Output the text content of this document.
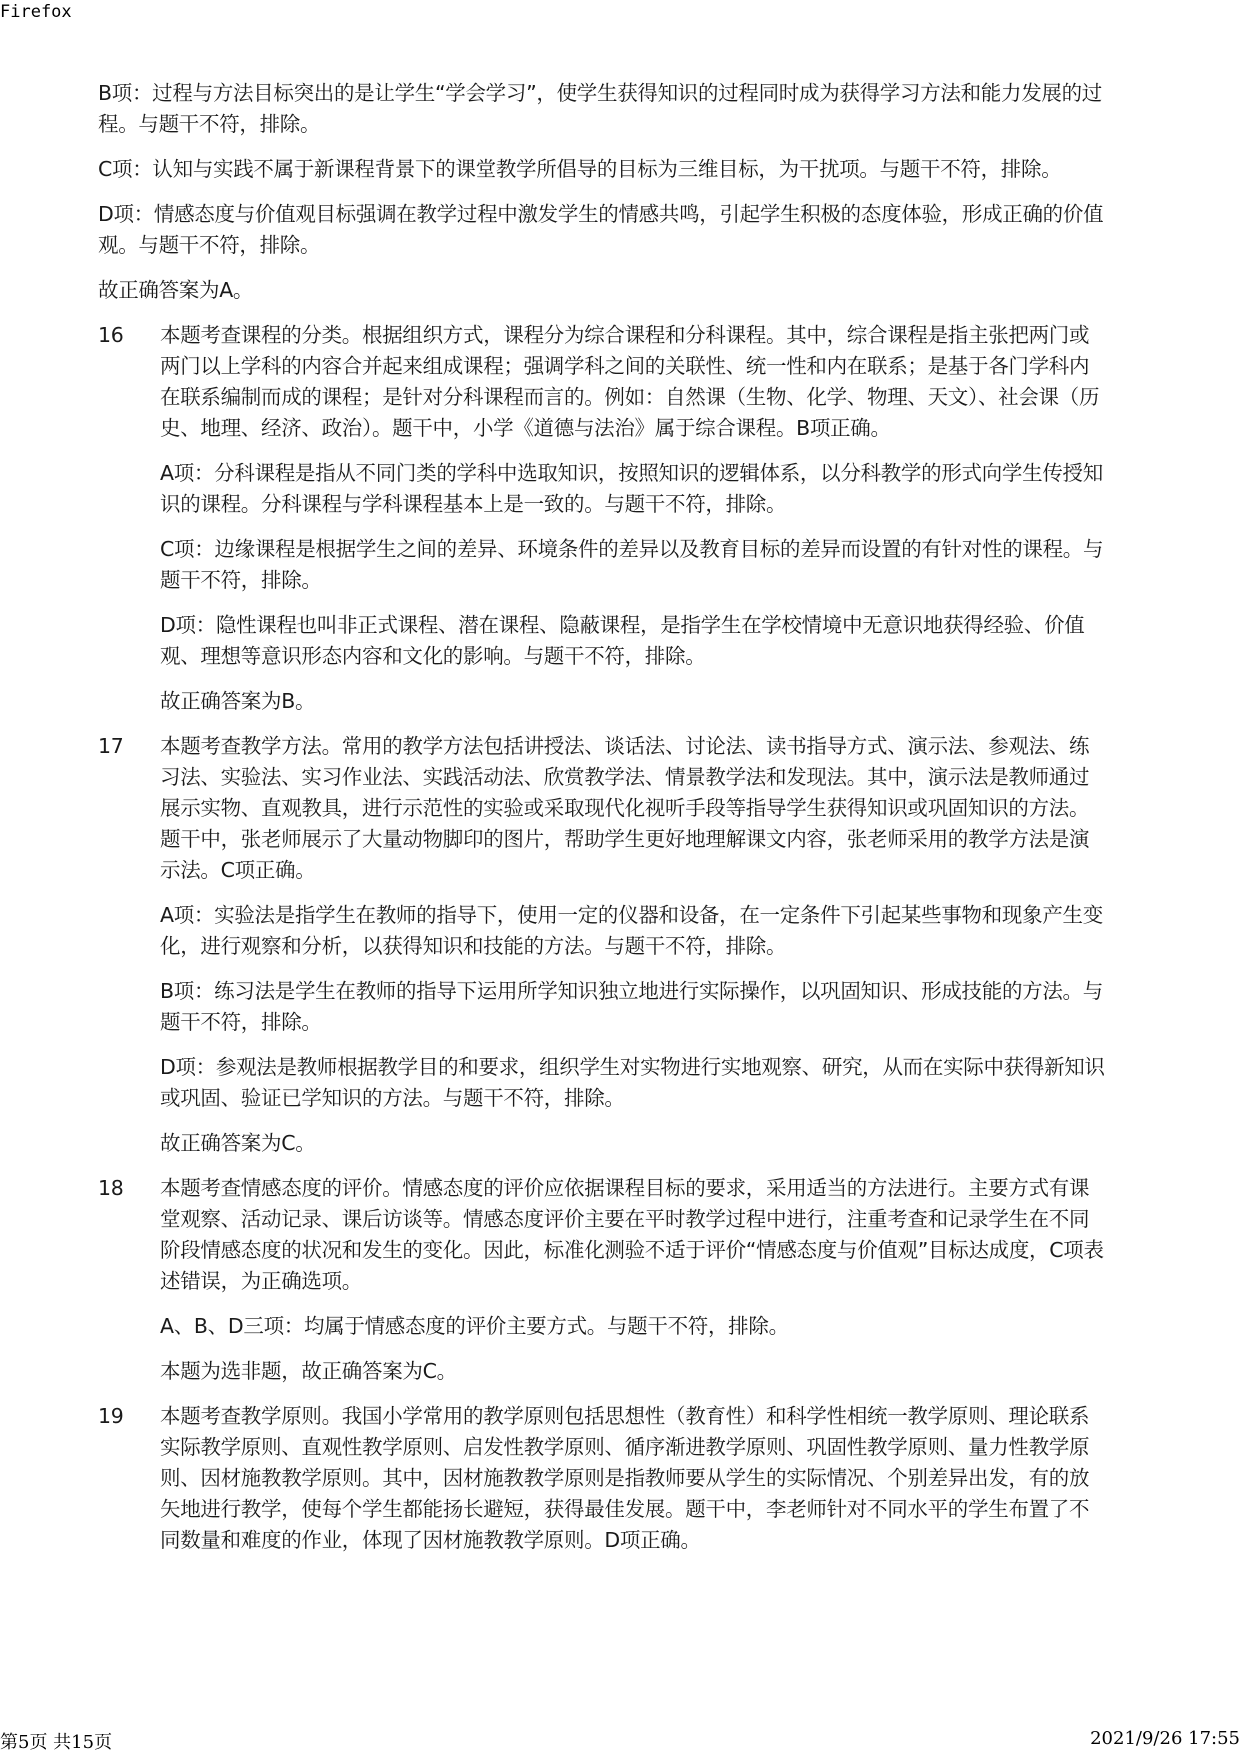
Firefox

B项：过程与方法目标突出的是让学生“学会学习”，使学生获得知识的过程同时成为获得学习方法和能力发展的过程。与题干不符，排除。

C项：认知与实践不属于新课程背景下的课堂教学所倡导的目标为三维目标，为干扰项。与题干不符，排除。

D项：情感态度与价值观目标强调在教学过程中激发学生的情感共鸣，引起学生积极的态度体验，形成正确的价值观。与题干不符，排除。

故正确答案为A。

16	本题考查课程的分类。根据组织方式，课程分为综合课程和分科课程。其中，综合课程是指主张把两门或两门以上学科的内容合并起来组成课程；强调学科之间的关联性、统一性和内在联系；是基于各门学科内在联系编制而成的课程；是针对分科课程而言的。例如：自然课（生物、化学、物理、天文）、社会课（历史、地理、经济、政治）。题干中，小学《道德与法治》属于综合课程。B项正确。

A项：分科课程是指从不同门类的学科中选取知识，按照知识的逻辑体系，以分科教学的形式向学生传授知识的课程。分科课程与学科课程基本上是一致的。与题干不符，排除。

C项：边缘课程是根据学生之间的差异、环境条件的差异以及教育目标的差异而设置的有针对性的课程。与题干不符，排除。

D项：隐性课程也叫非正式课程、潜在课程、隐蔽课程，是指学生在学校情境中无意识地获得经验、价值观、理想等意识形态内容和文化的影响。与题干不符，排除。

故正确答案为B。

17	本题考查教学方法。常用的教学方法包括讲授法、谈话法、讨论法、读书指导方式、演示法、参观法、练习法、实验法、实习作业法、实践活动法、欣赏教学法、情景教学法和发现法。其中，演示法是教师通过展示实物、直观教具，进行示范性的实验或采取现代化视听手段等指导学生获得知识或巩固知识的方法。题干中，张老师展示了大量动物脚印的图片，帮助学生更好地理解课文内容，张老师采用的教学方法是演示法。C项正确。

A项：实验法是指学生在教师的指导下，使用一定的仪器和设备，在一定条件下引起某些事物和现象产生变化，进行观察和分析，以获得知识和技能的方法。与题干不符，排除。

B项：练习法是学生在教师的指导下运用所学知识独立地进行实际操作，以巩固知识、形成技能的方法。与题干不符，排除。

D项：参观法是教师根据教学目的和要求，组织学生对实物进行实地观察、研究，从而在实际中获得新知识或巩固、验证已学知识的方法。与题干不符，排除。

故正确答案为C。

18	本题考查情感态度的评价。情感态度的评价应依据课程目标的要求，采用适当的方法进行。主要方式有课堂观察、活动记录、课后访谈等。情感态度评价主要在平时教学过程中进行，注重考查和记录学生在不同阶段情感态度的状况和发生的变化。因此，标准化测验不适于评价“情感态度与价值观”目标达成度，C项表述错误，为正确选项。

A、B、D三项：均属于情感态度的评价主要方式。与题干不符，排除。

本题为选非题，故正确答案为C。

19	本题考查教学原则。我国小学常用的教学原则包括思想性（教育性）和科学性相统一教学原则、理论联系实际教学原则、直观性教学原则、启发性教学原则、循序渐进教学原则、巩固性教学原则、量力性教学原则、因材施教教学原则。其中，因材施教教学原则是指教师要从学生的实际情况、个别差异出发，有的放矢地进行教学，使每个学生都能扬长避短，获得最佳发展。题干中，李老师针对不同水平的学生布置了不同数量和难度的作业，体现了因材施教教学原则。D项正确。
第5页 共15页	2021/9/26 17:55
